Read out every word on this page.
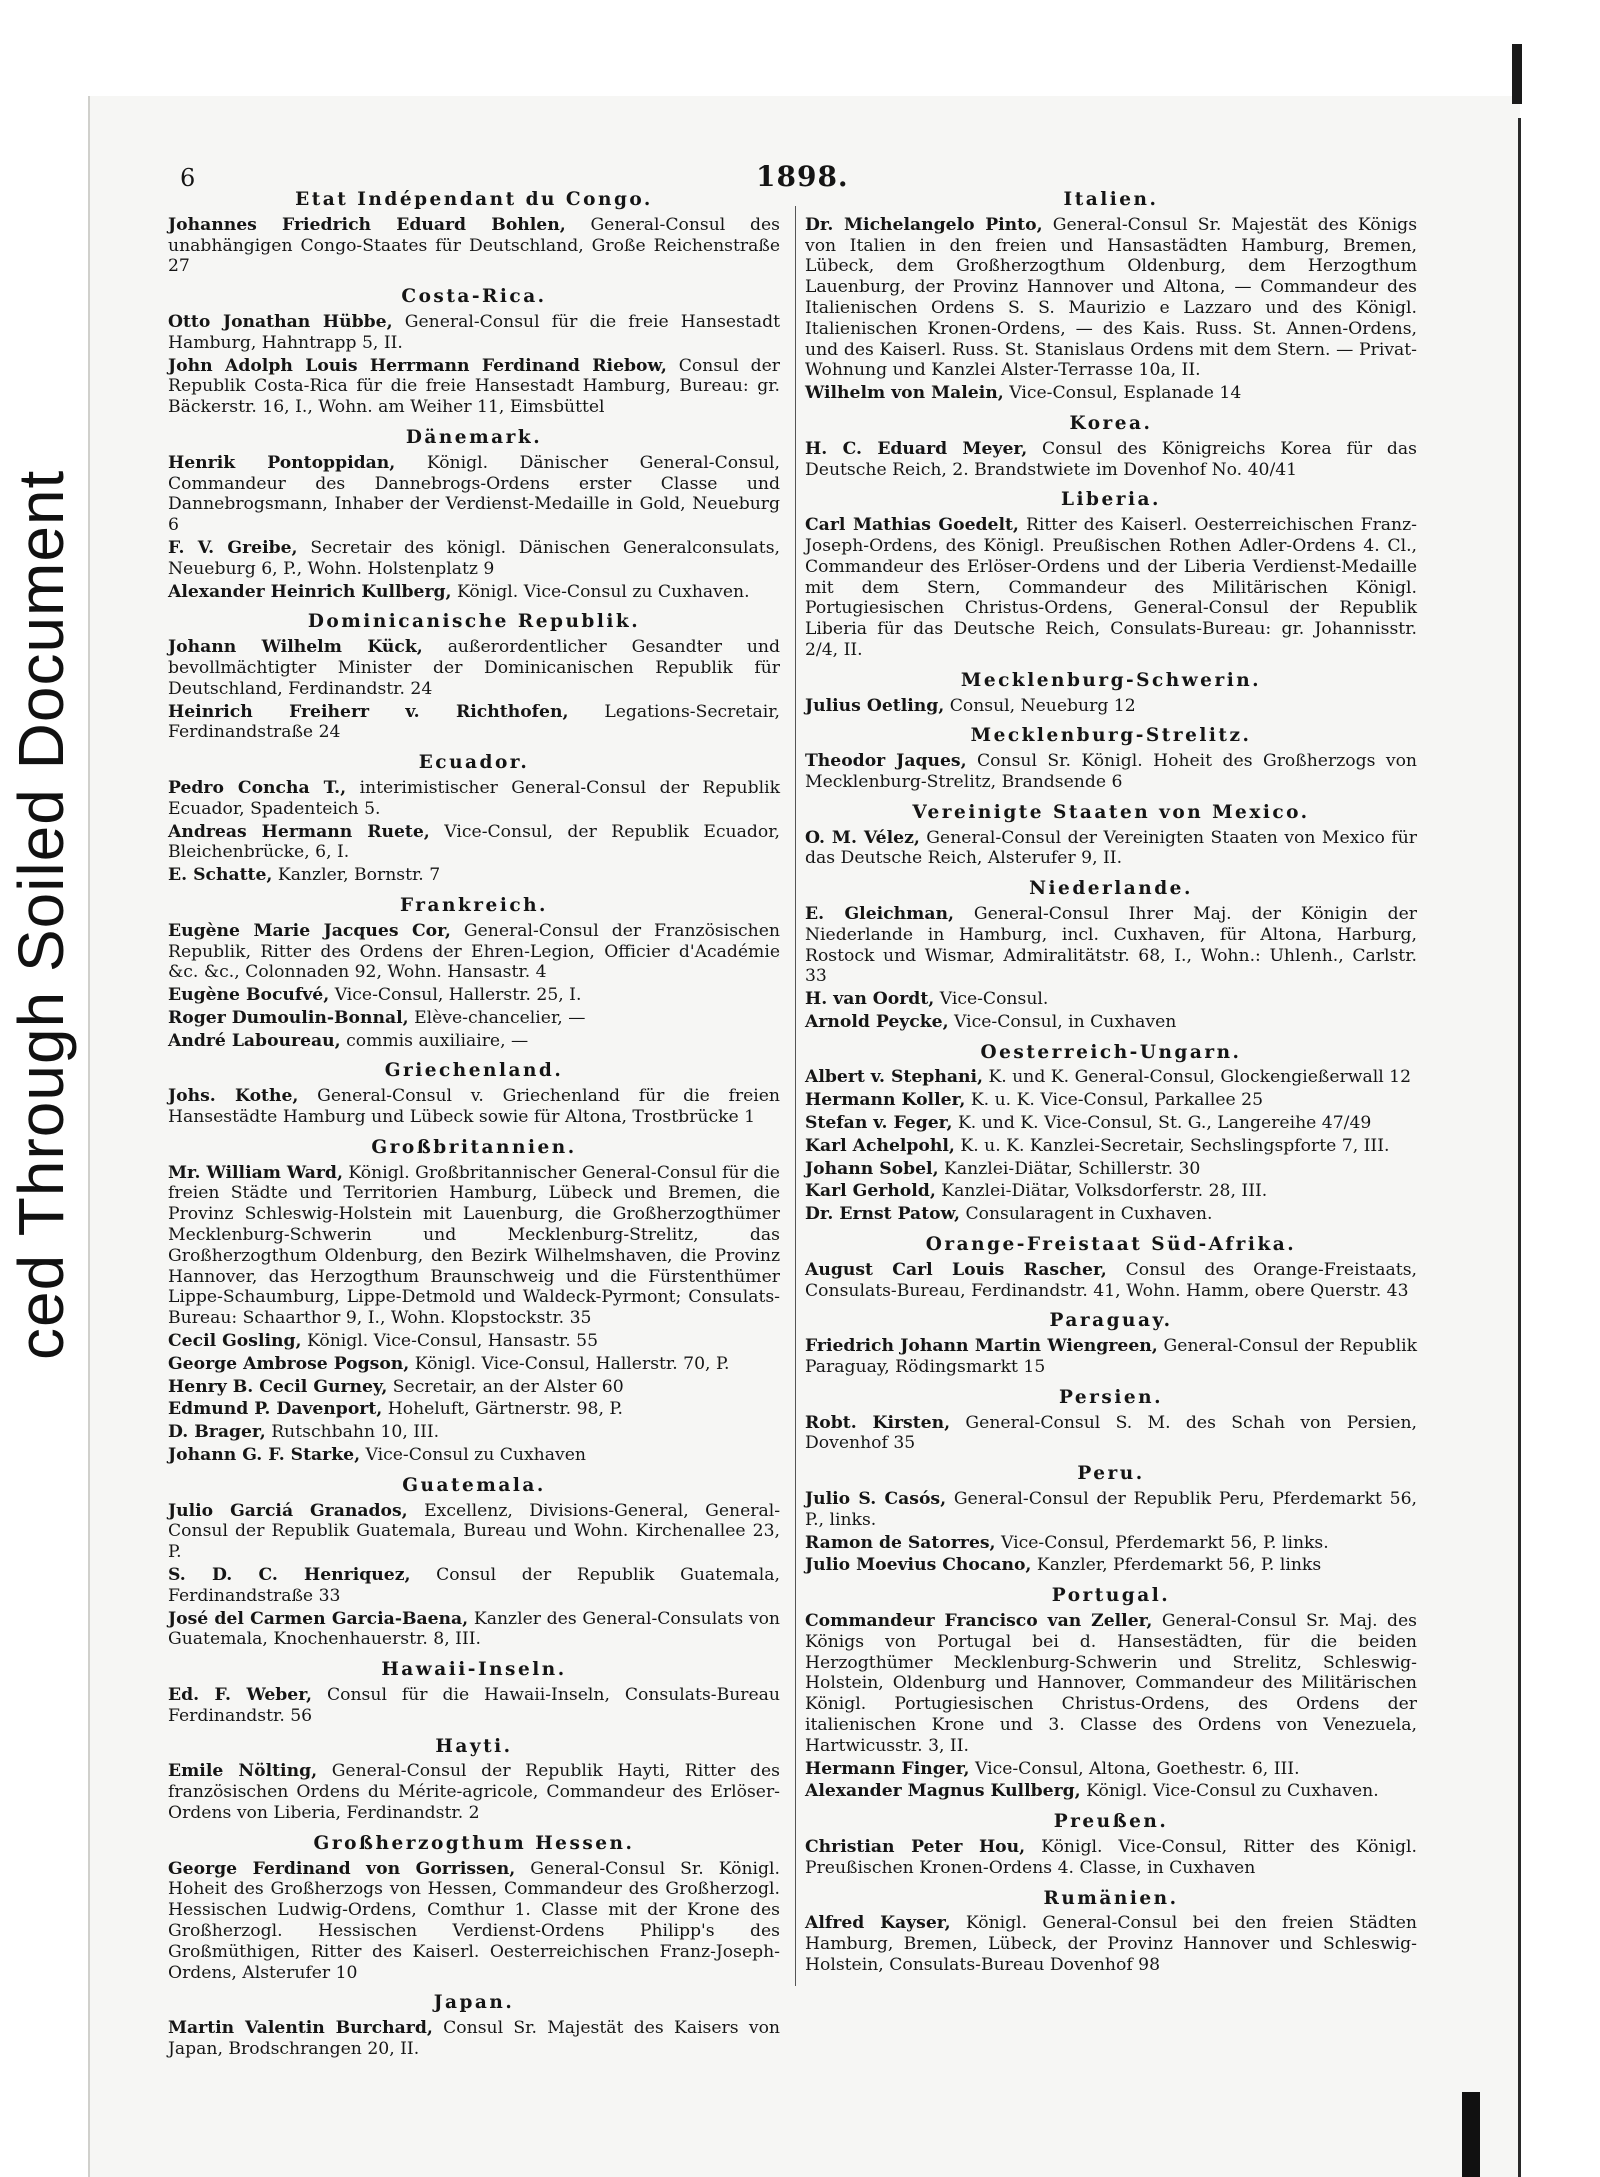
ced Through Soiled Document
6	1898.
Etat Indépendant du Congo.

Johannes Friedrich Eduard Bohlen, General-Consul des unabhängigen Congo-Staates für Deutschland, Große Reichenstraße 27

Costa-Rica.

Otto Jonathan Hübbe, General-Consul für die freie Hansestadt Hamburg, Hahntrapp 5, II.

John Adolph Louis Herrmann Ferdinand Riebow, Consul der Republik Costa-Rica für die freie Hansestadt Hamburg, Bureau: gr. Bäckerstr. 16, I., Wohn. am Weiher 11, Eimsbüttel

Dänemark.

Henrik Pontoppidan, Königl. Dänischer General-Consul, Commandeur des Dannebrogs-Ordens erster Classe und Dannebrogsmann, Inhaber der Verdienst-Medaille in Gold, Neueburg 6

F. V. Greibe, Secretair des königl. Dänischen Generalconsulats, Neueburg 6, P., Wohn. Holstenplatz 9

Alexander Heinrich Kullberg, Königl. Vice-Consul zu Cuxhaven.

Dominicanische Republik.

Johann Wilhelm Kück, außerordentlicher Gesandter und bevollmächtigter Minister der Dominicanischen Republik für Deutschland, Ferdinandstr. 24

Heinrich Freiherr v. Richthofen, Legations-Secretair, Ferdinandstraße 24

Ecuador.

Pedro Concha T., interimistischer General-Consul der Republik Ecuador, Spadenteich 5.

Andreas Hermann Ruete, Vice-Consul, der Republik Ecuador, Bleichenbrücke, 6, I.

E. Schatte, Kanzler, Bornstr. 7

Frankreich.

Eugène Marie Jacques Cor, General-Consul der Französischen Republik, Ritter des Ordens der Ehren-Legion, Officier d'Académie &c. &c., Colonnaden 92, Wohn. Hansastr. 4

Eugène Bocufvé, Vice-Consul, Hallerstr. 25, I.

Roger Dumoulin-Bonnal, Elève-chancelier, —

André Laboureau, commis auxiliaire, —

Griechenland.

Johs. Kothe, General-Consul v. Griechenland für die freien Hansestädte Hamburg und Lübeck sowie für Altona, Trostbrücke 1

Großbritannien.

Mr. William Ward, Königl. Großbritannischer General-Consul für die freien Städte und Territorien Hamburg, Lübeck und Bremen, die Provinz Schleswig-Holstein mit Lauenburg, die Großherzogthümer Mecklenburg-Schwerin und Mecklenburg-Strelitz, das Großherzogthum Oldenburg, den Bezirk Wilhelmshaven, die Provinz Hannover, das Herzogthum Braunschweig und die Fürstenthümer Lippe-Schaumburg, Lippe-Detmold und Waldeck-Pyrmont; Consulats-Bureau: Schaarthor 9, I., Wohn. Klopstockstr. 35

Cecil Gosling, Königl. Vice-Consul, Hansastr. 55

George Ambrose Pogson, Königl. Vice-Consul, Hallerstr. 70, P.

Henry B. Cecil Gurney, Secretair, an der Alster 60

Edmund P. Davenport, Hoheluft, Gärtnerstr. 98, P.

D. Brager, Rutschbahn 10, III.

Johann G. F. Starke, Vice-Consul zu Cuxhaven

Guatemala.

Julio Garciá Granados, Excellenz, Divisions-General, General-Consul der Republik Guatemala, Bureau und Wohn. Kirchenallee 23, P.

S. D. C. Henriquez, Consul der Republik Guatemala, Ferdinandstraße 33

José del Carmen Garcia-Baena, Kanzler des General-Consulats von Guatemala, Knochenhauerstr. 8, III.

Hawaii-Inseln.

Ed. F. Weber, Consul für die Hawaii-Inseln, Consulats-Bureau Ferdinandstr. 56

Hayti.

Emile Nölting, General-Consul der Republik Hayti, Ritter des französischen Ordens du Mérite-agricole, Commandeur des Erlöser-Ordens von Liberia, Ferdinandstr. 2

Großherzogthum Hessen.

George Ferdinand von Gorrissen, General-Consul Sr. Königl. Hoheit des Großherzogs von Hessen, Commandeur des Großherzogl. Hessischen Ludwig-Ordens, Comthur 1. Classe mit der Krone des Großherzogl. Hessischen Verdienst-Ordens Philipp's des Großmüthigen, Ritter des Kaiserl. Oesterreichischen Franz-Joseph-Ordens, Alsterufer 10

Japan.

Martin Valentin Burchard, Consul Sr. Majestät des Kaisers von Japan, Brodschrangen 20, II.

Italien.

Dr. Michelangelo Pinto, General-Consul Sr. Majestät des Königs von Italien in den freien und Hansastädten Hamburg, Bremen, Lübeck, dem Großherzogthum Oldenburg, dem Herzogthum Lauenburg, der Provinz Hannover und Altona, — Commandeur des Italienischen Ordens S. S. Maurizio e Lazzaro und des Königl. Italienischen Kronen-Ordens, — des Kais. Russ. St. Annen-Ordens, und des Kaiserl. Russ. St. Stanislaus Ordens mit dem Stern. — Privat-Wohnung und Kanzlei Alster-Terrasse 10a, II.

Wilhelm von Malein, Vice-Consul, Esplanade 14

Korea.

H. C. Eduard Meyer, Consul des Königreichs Korea für das Deutsche Reich, 2. Brandstwiete im Dovenhof No. 40/41

Liberia.

Carl Mathias Goedelt, Ritter des Kaiserl. Oesterreichischen Franz-Joseph-Ordens, des Königl. Preußischen Rothen Adler-Ordens 4. Cl., Commandeur des Erlöser-Ordens und der Liberia Verdienst-Medaille mit dem Stern, Commandeur des Militärischen Königl. Portugiesischen Christus-Ordens, General-Consul der Republik Liberia für das Deutsche Reich, Consulats-Bureau: gr. Johannisstr. 2/4, II.

Mecklenburg-Schwerin.

Julius Oetling, Consul, Neueburg 12

Mecklenburg-Strelitz.

Theodor Jaques, Consul Sr. Königl. Hoheit des Großherzogs von Mecklenburg-Strelitz, Brandsende 6

Vereinigte Staaten von Mexico.

O. M. Vélez, General-Consul der Vereinigten Staaten von Mexico für das Deutsche Reich, Alsterufer 9, II.

Niederlande.

E. Gleichman, General-Consul Ihrer Maj. der Königin der Niederlande in Hamburg, incl. Cuxhaven, für Altona, Harburg, Rostock und Wismar, Admiralitätstr. 68, I., Wohn.: Uhlenh., Carlstr. 33

H. van Oordt, Vice-Consul.

Arnold Peycke, Vice-Consul, in Cuxhaven

Oesterreich-Ungarn.

Albert v. Stephani, K. und K. General-Consul, Glockengießerwall 12

Hermann Koller, K. u. K. Vice-Consul, Parkallee 25

Stefan v. Feger, K. und K. Vice-Consul, St. G., Langereihe 47/49

Karl Achelpohl, K. u. K. Kanzlei-Secretair, Sechslingspforte 7, III.

Johann Sobel, Kanzlei-Diätar, Schillerstr. 30

Karl Gerhold, Kanzlei-Diätar, Volksdorferstr. 28, III.

Dr. Ernst Patow, Consularagent in Cuxhaven.

Orange-Freistaat Süd-Afrika.

August Carl Louis Rascher, Consul des Orange-Freistaats, Consulats-Bureau, Ferdinandstr. 41, Wohn. Hamm, obere Querstr. 43

Paraguay.

Friedrich Johann Martin Wiengreen, General-Consul der Republik Paraguay, Rödingsmarkt 15

Persien.

Robt. Kirsten, General-Consul S. M. des Schah von Persien, Dovenhof 35

Peru.

Julio S. Casós, General-Consul der Republik Peru, Pferdemarkt 56, P., links.

Ramon de Satorres, Vice-Consul, Pferdemarkt 56, P. links.

Julio Moevius Chocano, Kanzler, Pferdemarkt 56, P. links

Portugal.

Commandeur Francisco van Zeller, General-Consul Sr. Maj. des Königs von Portugal bei d. Hansestädten, für die beiden Herzogthümer Mecklenburg-Schwerin und Strelitz, Schleswig-Holstein, Oldenburg und Hannover, Commandeur des Militärischen Königl. Portugiesischen Christus-Ordens, des Ordens der italienischen Krone und 3. Classe des Ordens von Venezuela, Hartwicusstr. 3, II.

Hermann Finger, Vice-Consul, Altona, Goethestr. 6, III.

Alexander Magnus Kullberg, Königl. Vice-Consul zu Cuxhaven.

Preußen.

Christian Peter Hou, Königl. Vice-Consul, Ritter des Königl. Preußischen Kronen-Ordens 4. Classe, in Cuxhaven

Rumänien.

Alfred Kayser, Königl. General-Consul bei den freien Städten Hamburg, Bremen, Lübeck, der Provinz Hannover und Schleswig-Holstein, Consulats-Bureau Dovenhof 98
